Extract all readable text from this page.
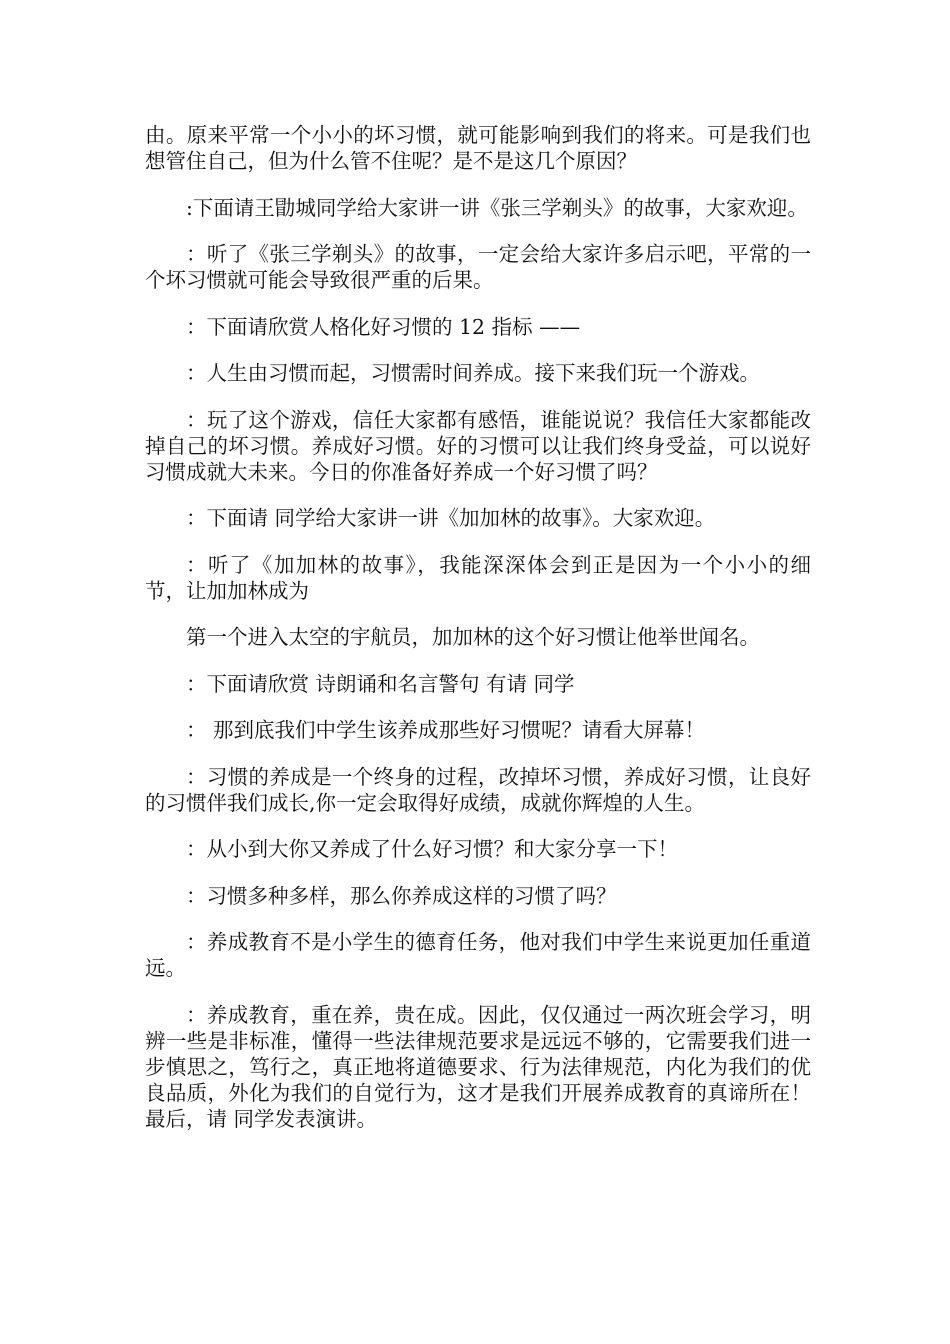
由。原来平常一个小小的坏习惯，就可能影响到我们的将来。可是我们也想管住自己，但为什么管不住呢？是不是这几个原因？

:下面请王勖城同学给大家讲一讲《张三学剃头》的故事，大家欢迎。

：听了《张三学剃头》的故事，一定会给大家许多启示吧，平常的一个坏习惯就可能会导致很严重的后果。

：下面请欣赏人格化好习惯的 12 指标 ——

：人生由习惯而起，习惯需时间养成。接下来我们玩一个游戏。

：玩了这个游戏，信任大家都有感悟，谁能说说？我信任大家都能改掉自己的坏习惯。养成好习惯。好的习惯可以让我们终身受益，可以说好习惯成就大未来。今日的你准备好养成一个好习惯了吗？

：下面请 同学给大家讲一讲《加加林的故事》。大家欢迎。

：听了《加加林的故事》，我能深深体会到正是因为一个小小的细节，让加加林成为

第一个进入太空的宇航员，加加林的这个好习惯让他举世闻名。

：下面请欣赏 诗朗诵和名言警句 有请 同学

： 那到底我们中学生该养成那些好习惯呢？请看大屏幕！

：习惯的养成是一个终身的过程，改掉坏习惯，养成好习惯，让良好的习惯伴我们成长,你一定会取得好成绩，成就你辉煌的人生。

：从小到大你又养成了什么好习惯？和大家分享一下！

：习惯多种多样，那么你养成这样的习惯了吗？

：养成教育不是小学生的德育任务，他对我们中学生来说更加任重道远。

：养成教育，重在养，贵在成。因此，仅仅通过一两次班会学习，明辨一些是非标准，懂得一些法律规范要求是远远不够的，它需要我们进一步慎思之，笃行之，真正地将道德要求、行为法律规范，内化为我们的优良品质，外化为我们的自觉行为，这才是我们开展养成教育的真谛所在！最后，请 同学发表演讲。
